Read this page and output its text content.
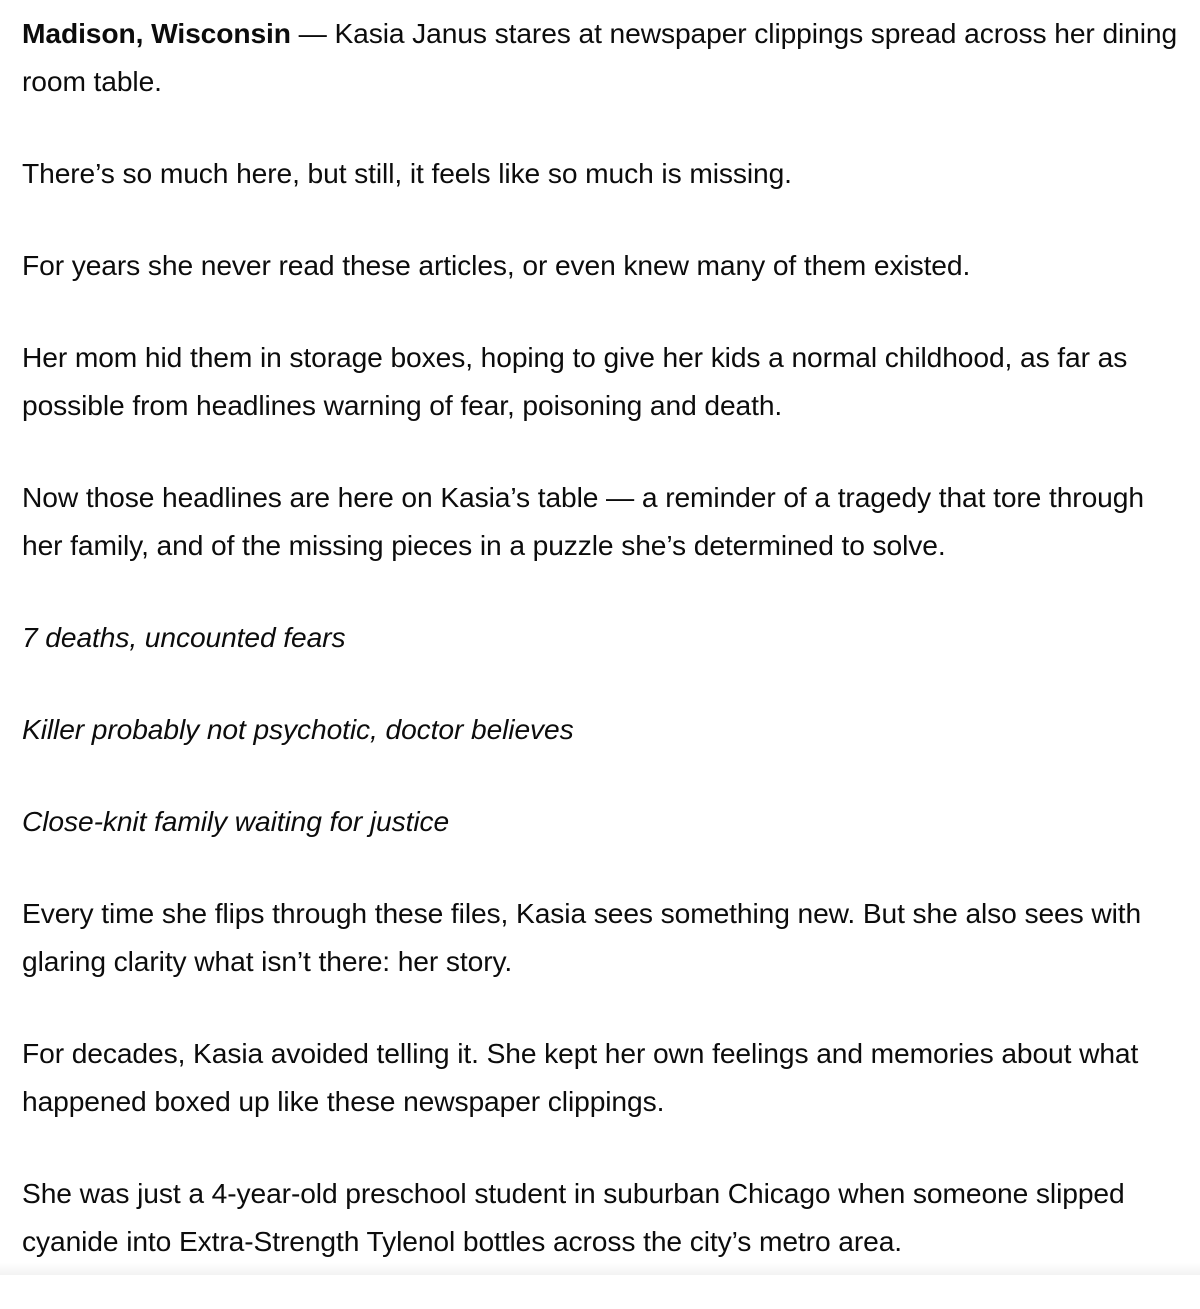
Madison, Wisconsin — Kasia Janus stares at newspaper clippings spread across her dining room table.

There’s so much here, but still, it feels like so much is missing.

For years she never read these articles, or even knew many of them existed.

Her mom hid them in storage boxes, hoping to give her kids a normal childhood, as far as possible from headlines warning of fear, poisoning and death.

Now those headlines are here on Kasia’s table — a reminder of a tragedy that tore through her family, and of the missing pieces in a puzzle she’s determined to solve.

7 deaths, uncounted fears

Killer probably not psychotic, doctor believes

Close-knit family waiting for justice

Every time she flips through these files, Kasia sees something new. But she also sees with glaring clarity what isn’t there: her story.

For decades, Kasia avoided telling it. She kept her own feelings and memories about what happened boxed up like these newspaper clippings.

She was just a 4-year-old preschool student in suburban Chicago when someone slipped cyanide into Extra-Strength Tylenol bottles across the city’s metro area.
